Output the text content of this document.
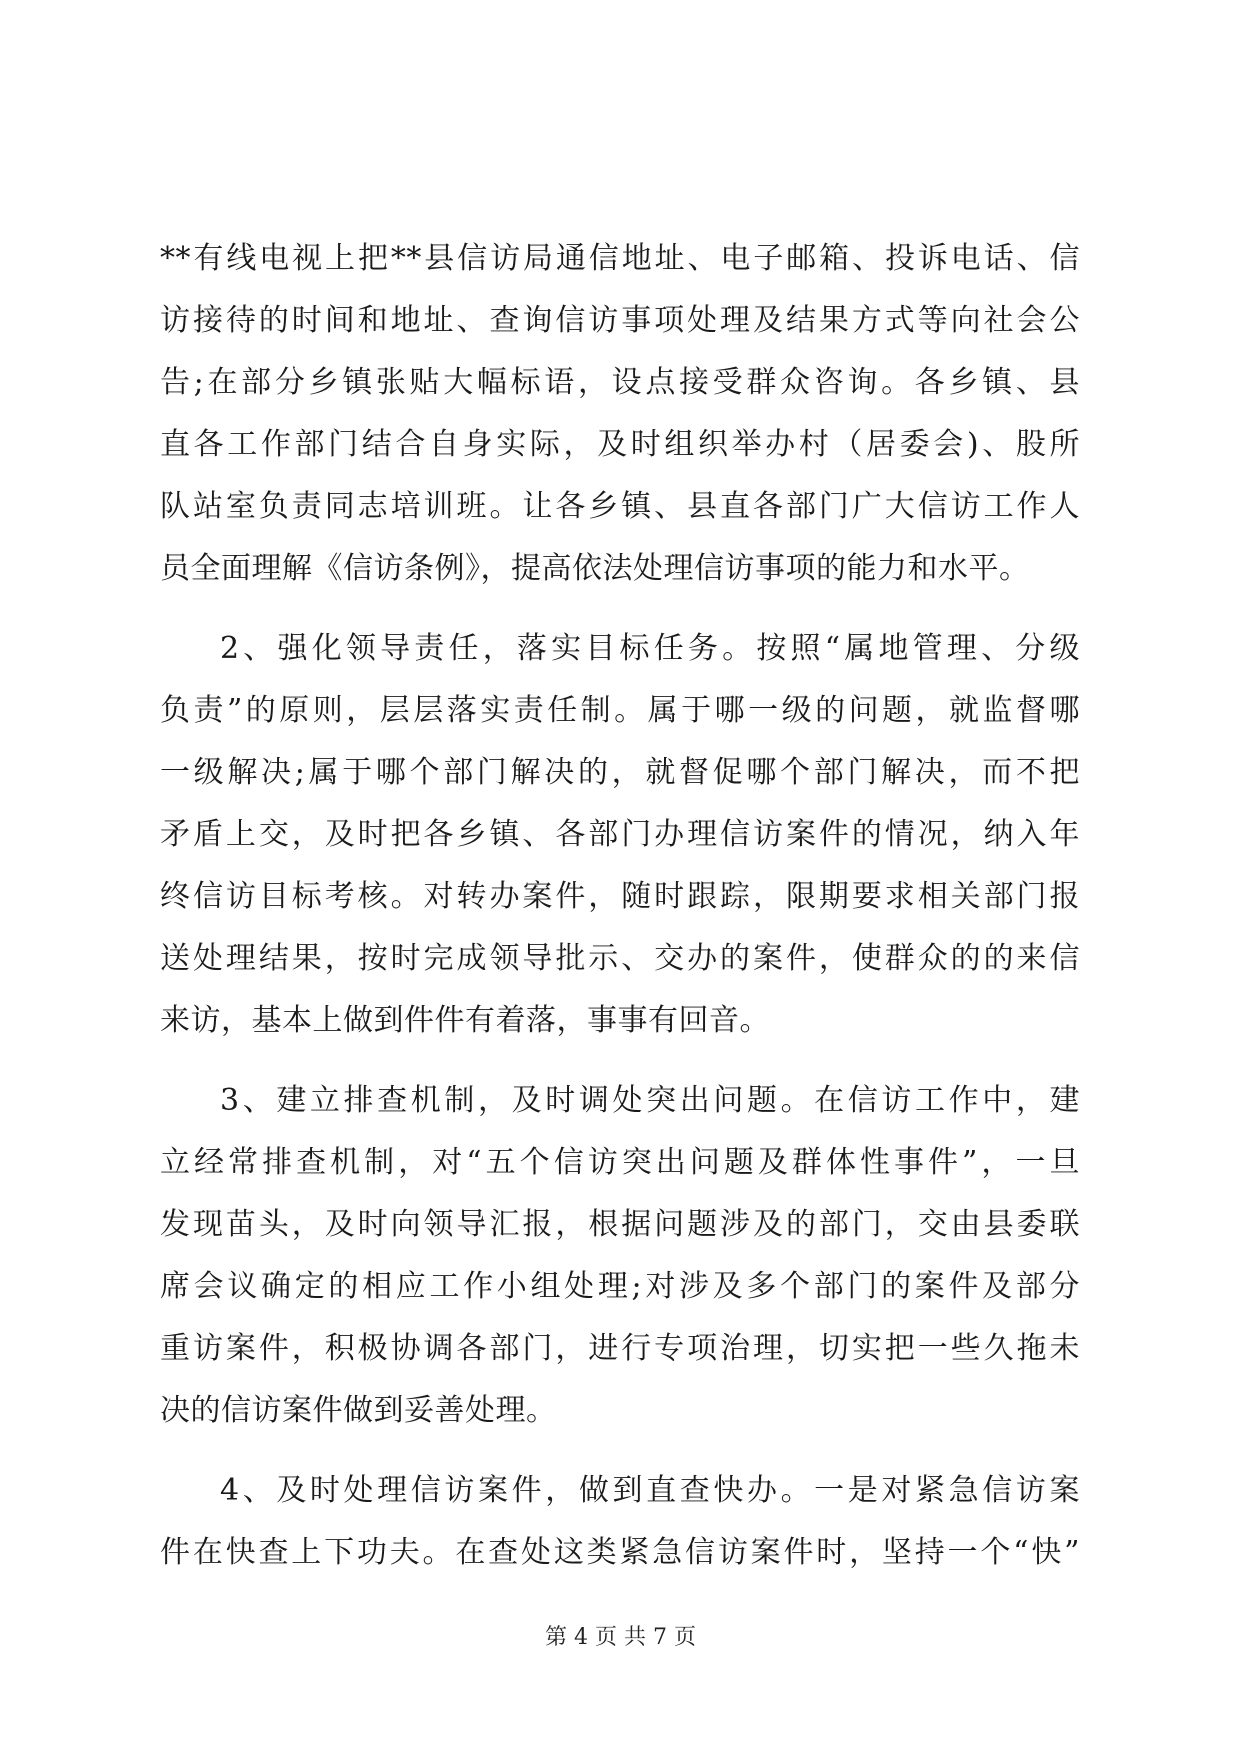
**有线电视上把**县信访局通信地址、电子邮箱、投诉电话、信
访接待的时间和地址、查询信访事项处理及结果方式等向社会公
告;在部分乡镇张贴大幅标语，设点接受群众咨询。各乡镇、县
直各工作部门结合自身实际，及时组织举办村（居委会)、股所
队站室负责同志培训班。让各乡镇、县直各部门广大信访工作人
员全面理解《信访条例》，提高依法处理信访事项的能力和水平。
2、强化领导责任，落实目标任务。按照“属地管理、分级
负责”的原则，层层落实责任制。属于哪一级的问题，就监督哪
一级解决;属于哪个部门解决的，就督促哪个部门解决，而不把
矛盾上交，及时把各乡镇、各部门办理信访案件的情况，纳入年
终信访目标考核。对转办案件，随时跟踪，限期要求相关部门报
送处理结果，按时完成领导批示、交办的案件，使群众的的来信
来访，基本上做到件件有着落，事事有回音。
3、建立排查机制，及时调处突出问题。在信访工作中，建
立经常排查机制，对“五个信访突出问题及群体性事件”，一旦
发现苗头，及时向领导汇报，根据问题涉及的部门，交由县委联
席会议确定的相应工作小组处理;对涉及多个部门的案件及部分
重访案件，积极协调各部门，进行专项治理，切实把一些久拖未
决的信访案件做到妥善处理。
4、及时处理信访案件，做到直查快办。一是对紧急信访案
件在快查上下功夫。在查处这类紧急信访案件时，坚持一个“快”
第 4 页 共 7 页
